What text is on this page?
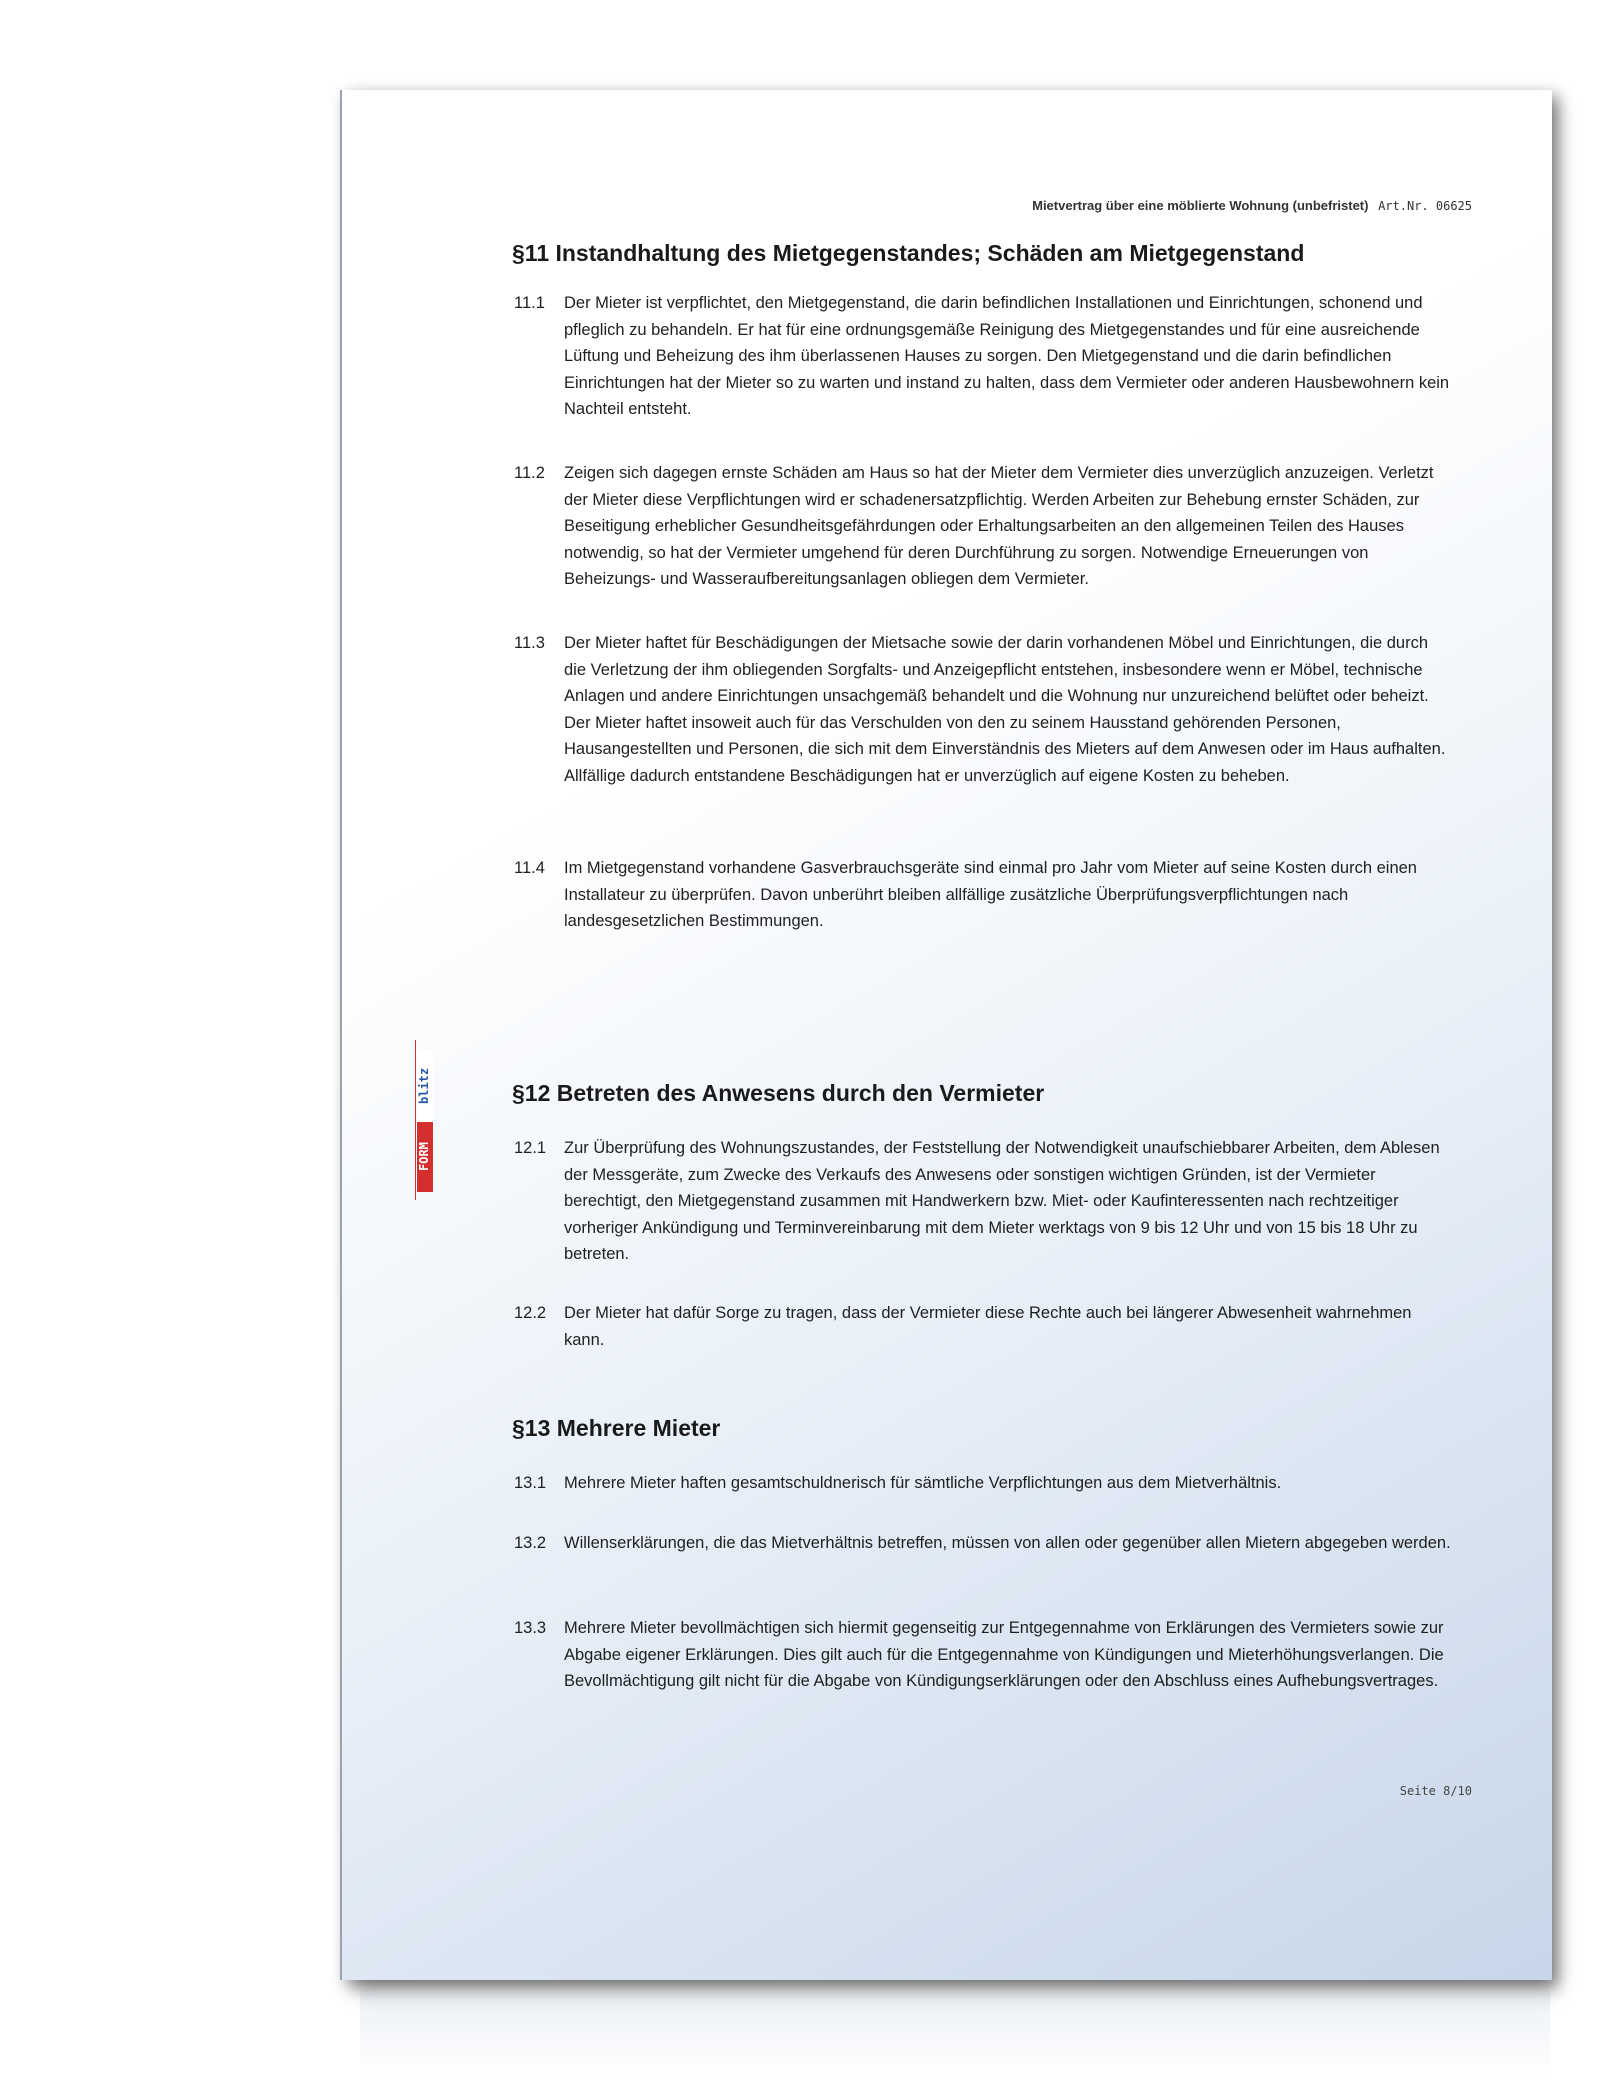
Mietvertrag über eine möblierte Wohnung (unbefristet) Art.Nr. 06625
blitz
FORM
§11 Instandhaltung des Mietgegenstandes; Schäden am Mietgegenstand
11.1	Der Mieter ist verpflichtet, den Mietgegenstand, die darin befindlichen Installationen und Einrichtungen, schonend und pfleglich zu behandeln. Er hat für eine ordnungsgemäße Reinigung des Mietgegenstandes und für eine ausreichende Lüftung und Beheizung des ihm überlassenen Hauses zu sorgen. Den Mietgegenstand und die darin befindlichen Einrichtungen hat der Mieter so zu warten und instand zu halten, dass dem Vermieter oder anderen Hausbewohnern kein Nachteil entsteht.
11.2	Zeigen sich dagegen ernste Schäden am Haus so hat der Mieter dem Vermieter dies unverzüglich anzuzeigen. Verletzt der Mieter diese Verpflichtungen wird er schadenersatzpflichtig. Werden Arbeiten zur Behebung ernster Schäden, zur Beseitigung erheblicher Gesundheitsgefährdungen oder Erhaltungsarbeiten an den allgemeinen Teilen des Hauses notwendig, so hat der Vermieter umgehend für deren Durchführung zu sorgen. Notwendige Erneuerungen von Beheizungs- und Wasseraufbereitungsanlagen obliegen dem Vermieter.
11.3	Der Mieter haftet für Beschädigungen der Mietsache sowie der darin vorhandenen Möbel und Einrichtungen, die durch die Verletzung der ihm obliegenden Sorgfalts- und Anzeigepflicht entstehen, insbesondere wenn er Möbel, technische Anlagen und andere Einrichtungen unsachgemäß behandelt und die Wohnung nur unzureichend belüftet oder beheizt. Der Mieter haftet insoweit auch für das Verschulden von den zu seinem Hausstand gehörenden Personen, Hausangestellten und Personen, die sich mit dem Einverständnis des Mieters auf dem Anwesen oder im Haus aufhalten. Allfällige dadurch entstandene Beschädigungen hat er unverzüglich auf eigene Kosten zu beheben.
11.4	Im Mietgegenstand vorhandene Gasverbrauchsgeräte sind einmal pro Jahr vom Mieter auf seine Kosten durch einen Installateur zu überprüfen. Davon unberührt bleiben allfällige zusätzliche Überprüfungsverpflichtungen nach landesgesetzlichen Bestimmungen.
§12 Betreten des Anwesens durch den Vermieter
12.1	Zur Überprüfung des Wohnungszustandes, der Feststellung der Notwendigkeit unaufschiebbarer Arbeiten, dem Ablesen der Messgeräte, zum Zwecke des Verkaufs des Anwesens oder sonstigen wichtigen Gründen, ist der Vermieter berechtigt, den Mietgegenstand zusammen mit Handwerkern bzw. Miet- oder Kaufinteressenten nach rechtzeitiger vorheriger Ankündigung und Terminvereinbarung mit dem Mieter werktags von 9 bis 12 Uhr und von 15 bis 18 Uhr zu betreten.
12.2	Der Mieter hat dafür Sorge zu tragen, dass der Vermieter diese Rechte auch bei längerer Abwesenheit wahrnehmen kann.
§13 Mehrere Mieter
13.1	Mehrere Mieter haften gesamtschuldnerisch für sämtliche Verpflichtungen aus dem Mietverhältnis.
13.2	Willenserklärungen, die das Mietverhältnis betreffen, müssen von allen oder gegenüber allen Mietern abgegeben werden.
13.3	Mehrere Mieter bevollmächtigen sich hiermit gegenseitig zur Entgegennahme von Erklärungen des Vermieters sowie zur Abgabe eigener Erklärungen. Dies gilt auch für die Entgegennahme von Kündigungen und Mieterhöhungsverlangen. Die Bevollmächtigung gilt nicht für die Abgabe von Kündigungserklärungen oder den Abschluss eines Aufhebungsvertrages.
Seite 8/10
